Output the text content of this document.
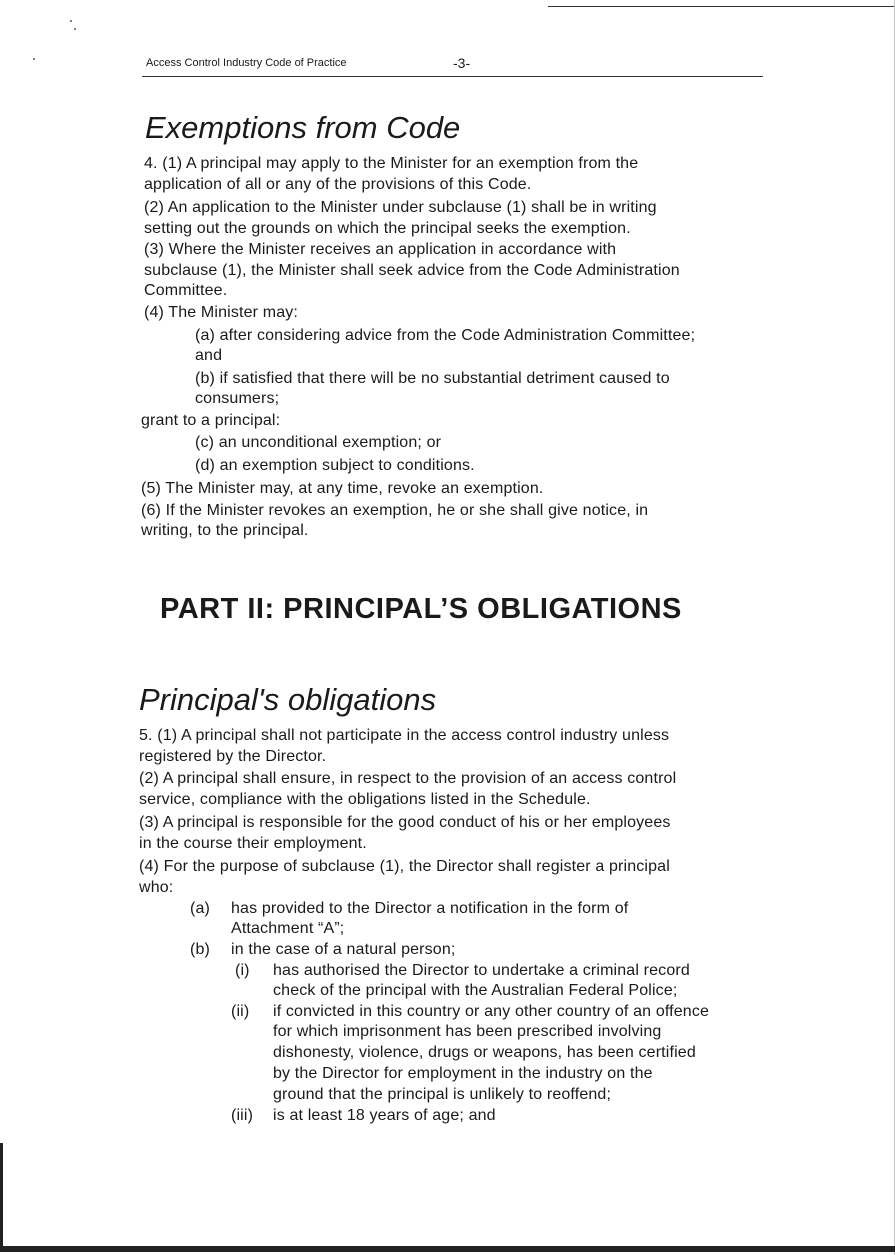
Access Control Industry Code of Practice	-3-
Exemptions from Code
4. (1) A principal may apply to the Minister for an exemption from the
application of all or any of the provisions of this Code.
(2) An application to the Minister under subclause (1) shall be in writing
setting out the grounds on which the principal seeks the exemption.
(3) Where the Minister receives an application in accordance with
subclause (1), the Minister shall seek advice from the Code Administration
Committee.
(4) The Minister may:
(a) after considering advice from the Code Administration Committee;
and
(b) if satisfied that there will be no substantial detriment caused to
consumers;
grant to a principal:
(c) an unconditional exemption; or
(d) an exemption subject to conditions.
(5) The Minister may, at any time, revoke an exemption.
(6) If the Minister revokes an exemption, he or she shall give notice, in
writing, to the principal.
PART II: PRINCIPAL’S OBLIGATIONS
Principal's obligations
5. (1) A principal shall not participate in the access control industry unless
registered by the Director.
(2) A principal shall ensure, in respect to the provision of an access control
service, compliance with the obligations listed in the Schedule.
(3) A principal is responsible for the good conduct of his or her employees
in the course their employment.
(4) For the purpose of subclause (1), the Director shall register a principal
who:
(a) has provided to the Director a notification in the form of
Attachment “A”;
(b) in the case of a natural person;
(i) has authorised the Director to undertake a criminal record
check of the principal with the Australian Federal Police;
(ii) if convicted in this country or any other country of an offence
for which imprisonment has been prescribed involving
dishonesty, violence, drugs or weapons, has been certified
by the Director for employment in the industry on the
ground that the principal is unlikely to reoffend;
(iii) is at least 18 years of age; and
